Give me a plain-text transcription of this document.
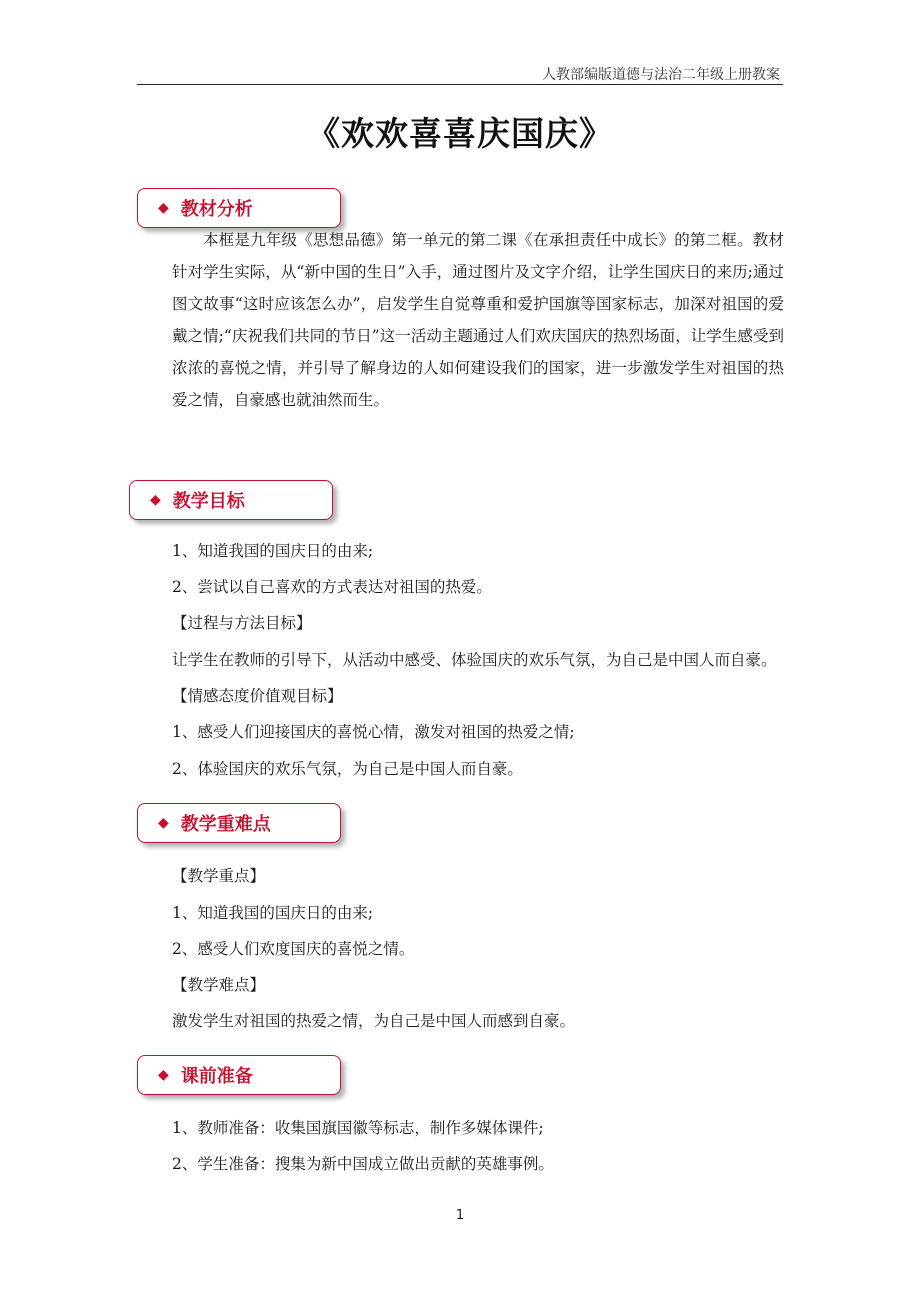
人教部编版道德与法治二年级上册教案
《欢欢喜喜庆国庆》
◆ 教材分析

本框是九年级《思想品德》第一单元的第二课《在承担责任中成长》的第二框。教材针对学生实际，从“新中国的生日”入手，通过图片及文字介绍，让学生国庆日的来历;通过图文故事“这时应该怎么办”，启发学生自觉尊重和爱护国旗等国家标志，加深对祖国的爱戴之情;“庆祝我们共同的节日”这一活动主题通过人们欢庆国庆的热烈场面，让学生感受到浓浓的喜悦之情，并引导了解身边的人如何建设我们的国家，进一步激发学生对祖国的热爱之情，自豪感也就油然而生。

◆ 教学目标
1、知道我国的国庆日的由来;
2、尝试以自己喜欢的方式表达对祖国的热爱。
【过程与方法目标】
让学生在教师的引导下，从活动中感受、体验国庆的欢乐气氛，为自己是中国人而自豪。
【情感态度价值观目标】
1、感受人们迎接国庆的喜悦心情，激发对祖国的热爱之情;
2、体验国庆的欢乐气氛，为自己是中国人而自豪。
◆ 教学重难点
【教学重点】
1、知道我国的国庆日的由来;
2、感受人们欢度国庆的喜悦之情。
【教学难点】
激发学生对祖国的热爱之情，为自己是中国人而感到自豪。
◆ 课前准备
1、教师准备：收集国旗国徽等标志，制作多媒体课件;
2、学生准备：搜集为新中国成立做出贡献的英雄事例。
1
